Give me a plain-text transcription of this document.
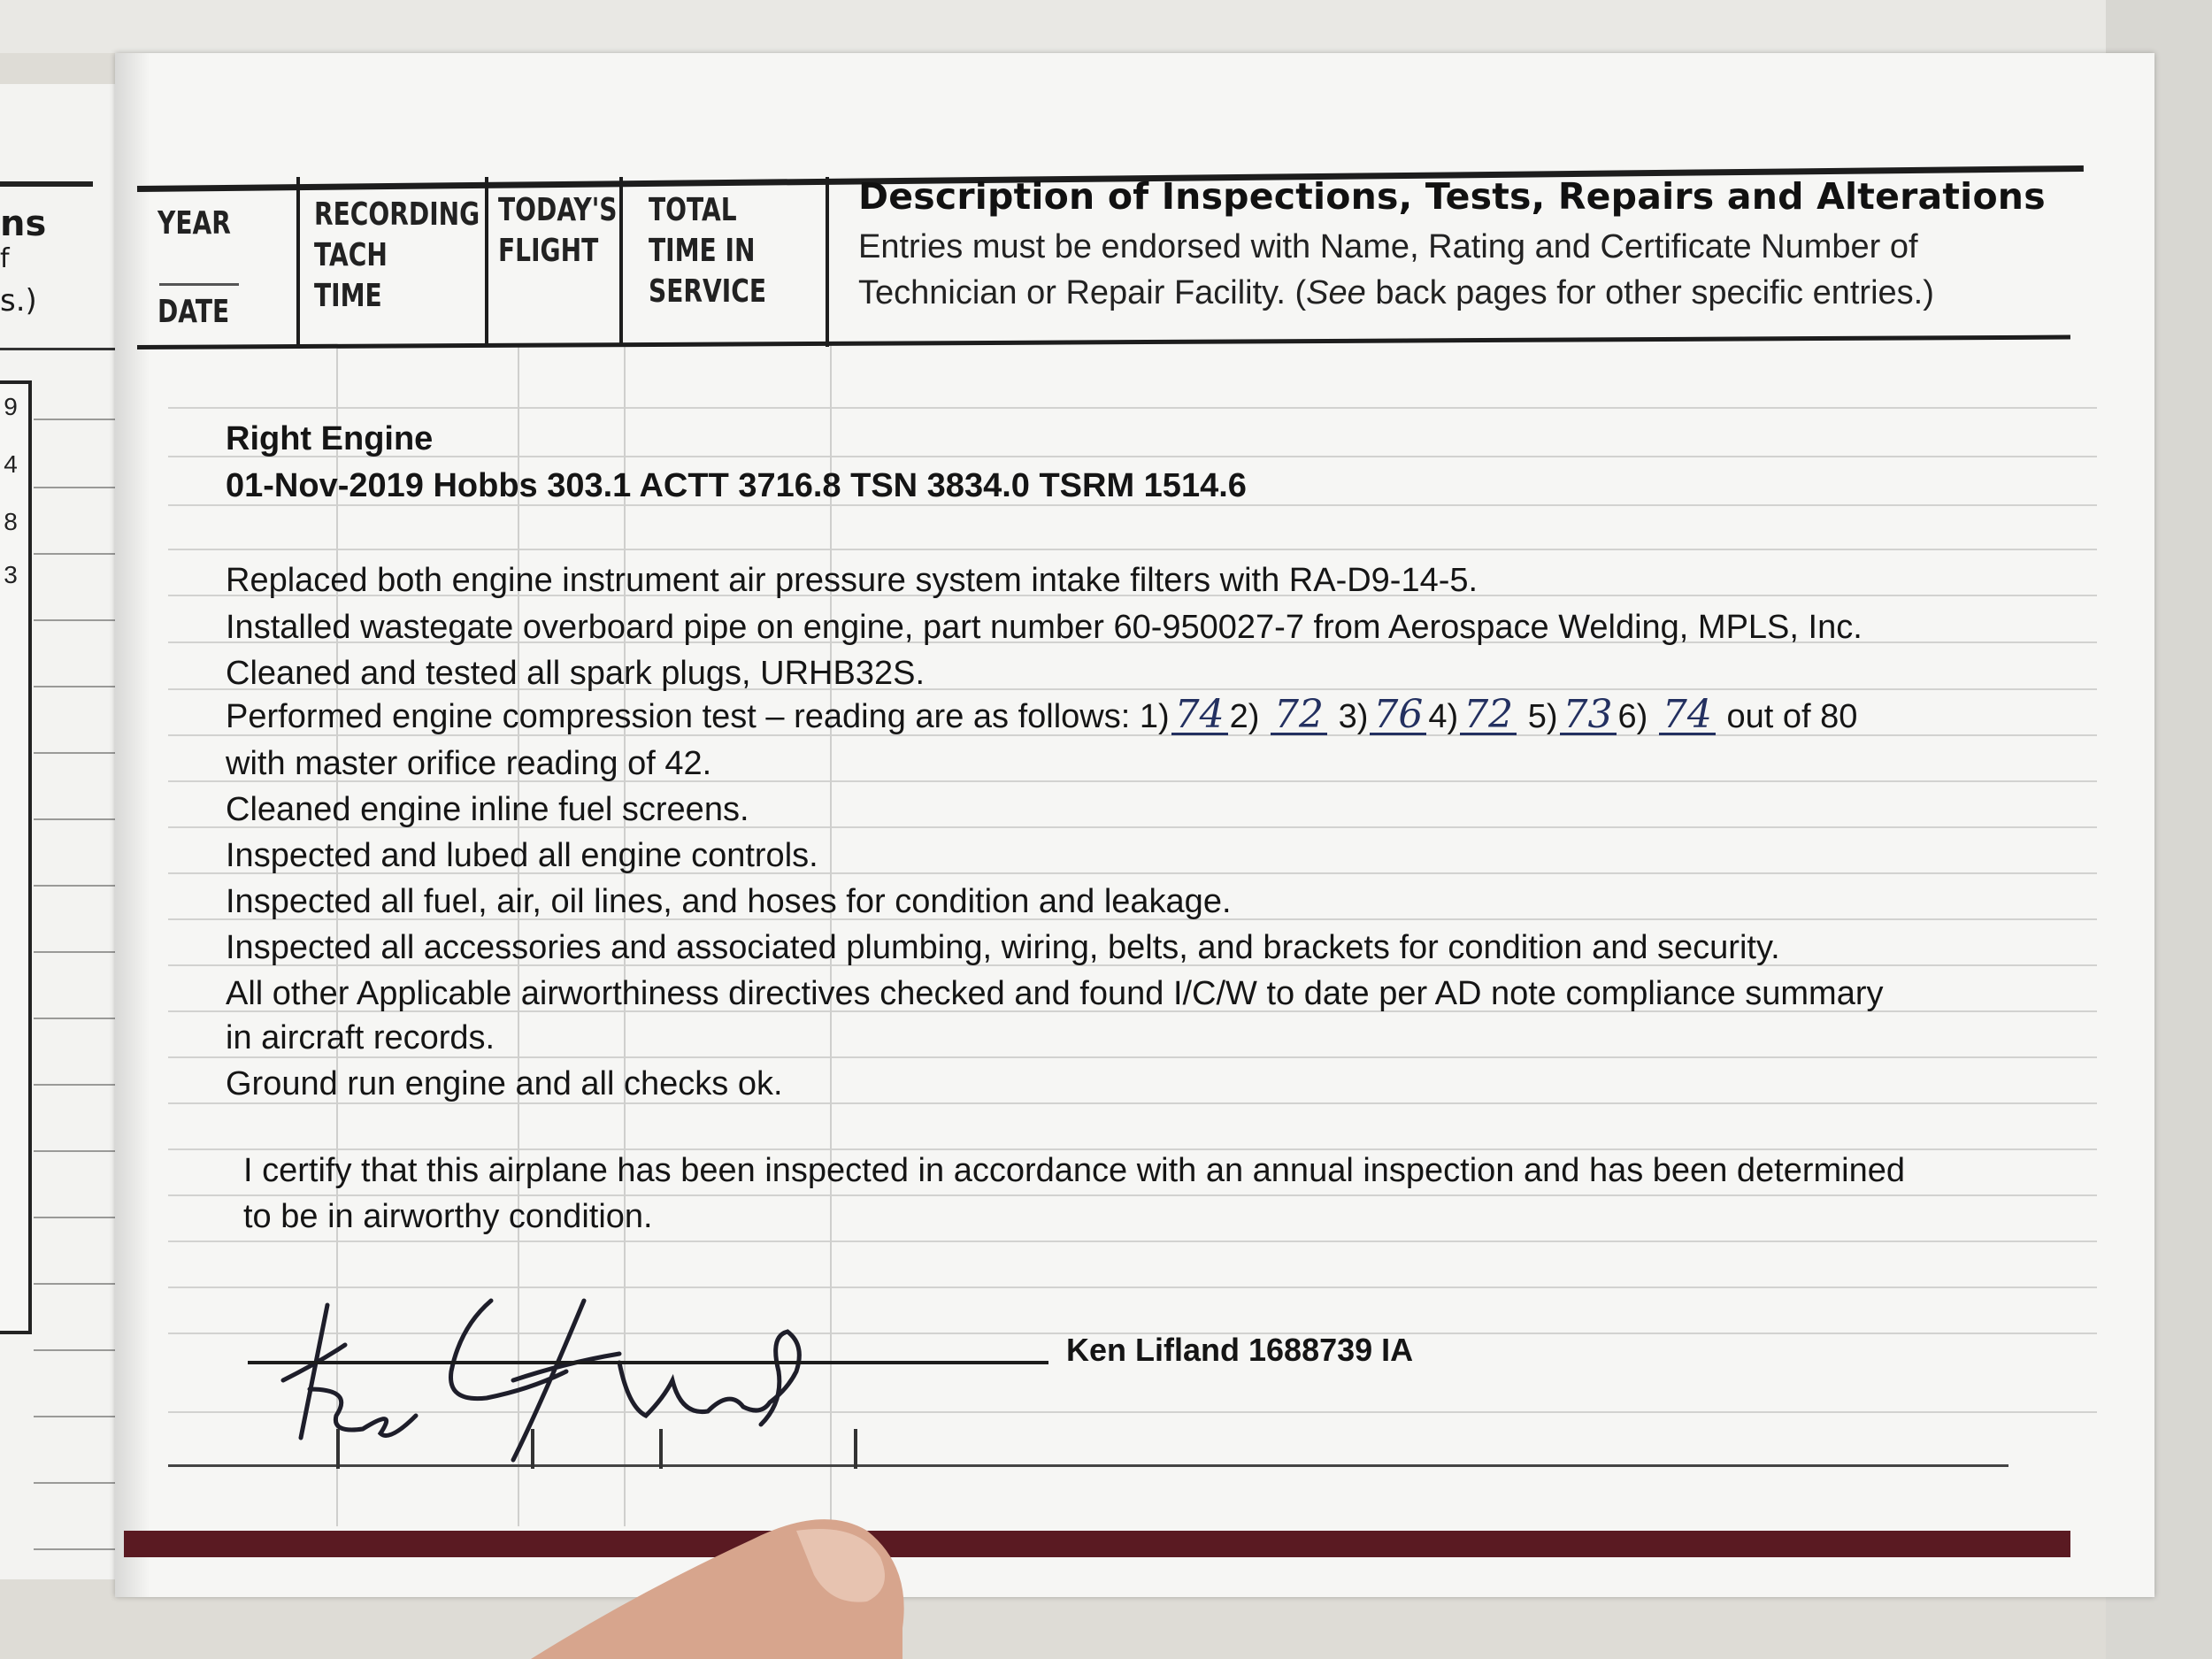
ns
f
s.)
9
4
8
3
YEAR
DATE
RECORDING
TACH
TIME
TODAY'S
FLIGHT
TOTAL
TIME IN
SERVICE
Description of Inspections, Tests, Repairs and Alterations
Entries must be endorsed with Name, Rating and Certificate Number of
Technician or Repair Facility. (See back pages for other specific entries.)
Right Engine
01-Nov-2019 Hobbs 303.1 ACTT 3716.8 TSN 3834.0 TSRM 1514.6
Replaced both engine instrument air pressure system intake filters with RA-D9-14-5.
Installed wastegate overboard pipe on engine, part number 60-950027-7 from Aerospace Welding, MPLS, Inc.
Cleaned and tested all spark plugs, URHB32S.
Performed engine compression test – reading are as follows: 1) 74 2) 72 3) 76 4) 72 5) 73 6) 74 out of 80
with master orifice reading of 42.
Cleaned engine inline fuel screens.
Inspected and lubed all engine controls.
Inspected all fuel, air, oil lines, and hoses for condition and leakage.
Inspected all accessories and associated plumbing, wiring, belts, and brackets for condition and security.
All other Applicable airworthiness directives checked and found I/C/W to date per AD note compliance summary
in aircraft records.
Ground run engine and all checks ok.
I certify that this airplane has been inspected in accordance with an annual inspection and has been determined
to be in airworthy condition.
Ken Lifland 1688739 IA
